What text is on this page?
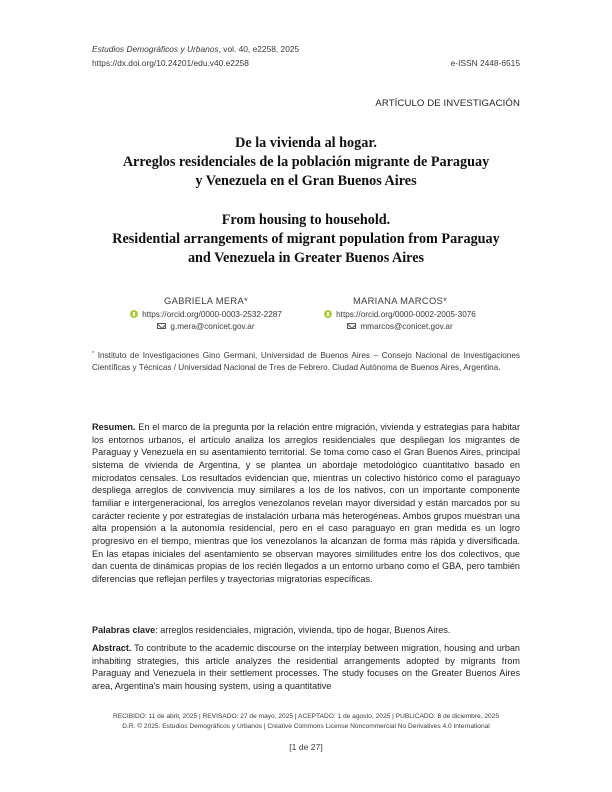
Estudios Demográficos y Urbanos, vol. 40, e2258, 2025
https://dx.doi.org/10.24201/edu.v40.e2258	e-ISSN 2448-6515
ARTÍCULO DE INVESTIGACIÓN
De la vivienda al hogar.
Arreglos residenciales de la población migrante de Paraguay
y Venezuela en el Gran Buenos Aires
From housing to household.
Residential arrangements of migrant population from Paraguay
and Venezuela in Greater Buenos Aires
GABRIELA MERA*
https://orcid.org/0000-0003-2532-2287
g.mera@conicet.gov.ar
MARIANA MARCOS*
https://orcid.org/0000-0002-2005-3076
mmarcos@conicet.gov.ar
* Instituto de Investigaciones Gino Germani, Universidad de Buenos Aires – Consejo Nacional de Investigaciones Científicas y Técnicas / Universidad Nacional de Tres de Febrero. Ciudad Autónoma de Buenos Aires, Argentina.
Resumen. En el marco de la pregunta por la relación entre migración, vivienda y estrategias para habitar los entornos urbanos, el artículo analiza los arreglos residenciales que despliegan los migrantes de Paraguay y Venezuela en su asentamiento territorial. Se toma como caso el Gran Buenos Aires, principal sistema de vivienda de Argentina, y se plantea un abordaje metodológico cuantitativo basado en microdatos censales. Los resultados evidencian que, mientras un colectivo histórico como el paraguayo despliega arreglos de convivencia muy similares a los de los nativos, con un importante componente familiar e intergeneracional, los arreglos venezolanos revelan mayor diversidad y están marcados por su carácter reciente y por estrategias de instalación urbana más heterogéneas. Ambos grupos muestran una alta propensión a la autonomía residencial, pero en el caso paraguayo en gran medida es un logro progresivo en el tiempo, mientras que los venezolanos la alcanzan de forma más rápida y diversificada. En las etapas iniciales del asentamiento se observan mayores similitudes entre los dos colectivos, que dan cuenta de dinámicas propias de los recién llegados a un entorno urbano como el GBA, pero también diferencias que reflejan perfiles y trayectorias migratorias específicas.
Palabras clave: arreglos residenciales, migración, vivienda, tipo de hogar, Buenos Aires.
Abstract. To contribute to the academic discourse on the interplay between migration, housing and urban inhabiting strategies, this article analyzes the residential arrangements adopted by migrants from Paraguay and Venezuela in their settlement processes. The study focuses on the Greater Buenos Aires area, Argentina's main housing system, using a quantitative
RECIBIDO: 11 de abril, 2025 | REVISADO: 27 de mayo, 2025 | ACEPTADO: 1 de agosto, 2025 | PUBLICADO: 8 de diciembre, 2025
D.R. © 2025. Estudios Demográficos y Urbanos | Creative Commons License Noncommercial No Derivatives 4.0 International
[1 de 27]
